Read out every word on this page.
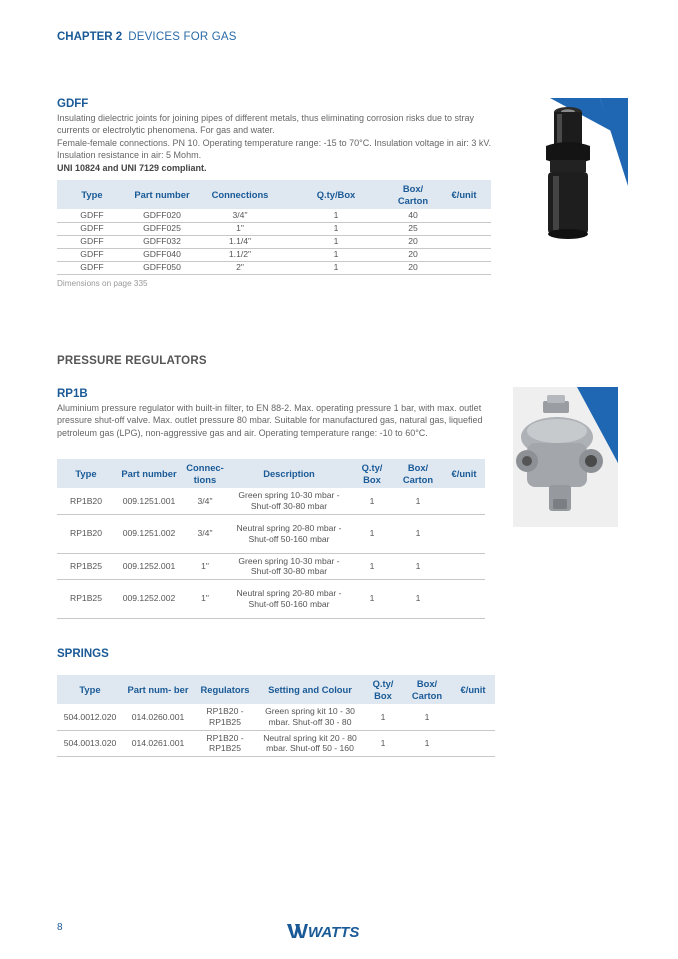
CHAPTER 2 DEVICES FOR GAS
GDFF

Insulating dielectric joints for joining pipes of different metals, thus eliminating corrosion risks due to stray currents or electrolytic phenomena. For gas and water.
Female-female connections. PN 10. Operating temperature range: -15 to 70°C. Insulation voltage in air: 3 kV. Insulation resistance in air: 5 Mohm.
UNI 10824 and UNI 7129 compliant.

Type	Part number	Connections	Q.ty/Box	Box/ Carton	€/unit
GDFF	GDFF020	3/4"	1	40	
GDFF	GDFF025	1"	1	25	
GDFF	GDFF032	1.1/4"	1	20	
GDFF	GDFF040	1.1/2"	1	20	
GDFF	GDFF050	2"	1	20	
Dimensions on page 335
PRESSURE REGULATORS
RP1B

Aluminium pressure regulator with built-in filter, to EN 88-2. Max. operating pressure 1 bar, with max. outlet pressure shut-off valve. Max. outlet pressure 80 mbar. Suitable for manufactured gas, natural gas, liquefied petroleum gas (LPG), non-aggressive gas and air. Operating temperature range: -10 to 60°C.

Type	Part number	Connec- tions	Description	Q.ty/ Box	Box/ Carton	€/unit
RP1B20	009.1251.001	3/4"	Green spring 10-30 mbar - Shut-off 30-80 mbar	1	1	
RP1B20	009.1251.002	3/4"	Neutral spring 20-80 mbar - Shut-off 50-160 mbar	1	1	
RP1B25	009.1252.001	1"	Green spring 10-30 mbar - Shut-off 30-80 mbar	1	1	
RP1B25	009.1252.002	1"	Neutral spring 20-80 mbar - Shut-off 50-160 mbar	1	1	
SPRINGS
Type	Part num- ber	Regulators	Setting and Colour	Q.ty/ Box	Box/ Carton	€/unit
504.0012.020	014.0260.001	RP1B20 - RP1B25	Green spring kit 10 - 30 mbar. Shut-off 30 - 80	1	1	
504.0013.020	014.0261.001	RP1B20 - RP1B25	Neutral spring kit 20 - 80 mbar. Shut-off 50 - 160	1	1	
8	WATTS
